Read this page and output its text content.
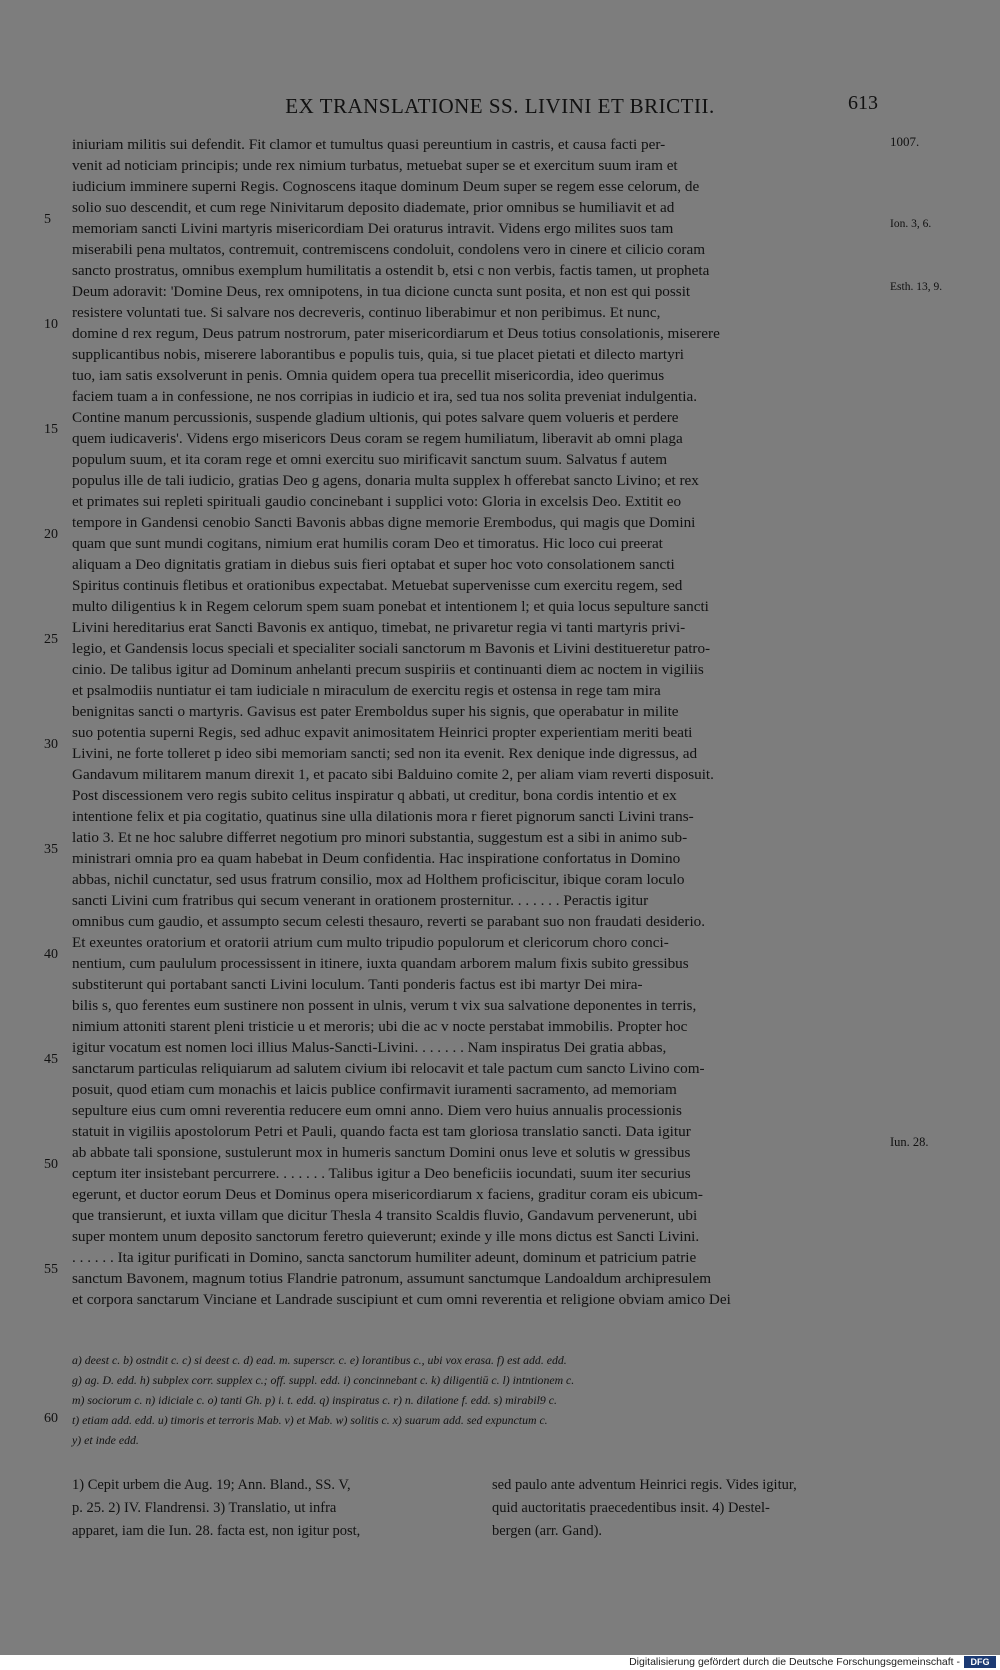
EX TRANSLATIONE SS. LIVINI ET BRICTII.	613
iniuriam militis sui defendit. Fit clamor et tumultus quasi pereuntium in castris, et causa facti per-
venit ad noticiam principis; unde rex nimium turbatus, metuebat super se et exercitum suum iram et
iudicium imminere superni Regis. Cognoscens itaque dominum Deum super se regem esse celorum, de
solio suo descendit, et cum rege Ninivitarum deposito diademate, prior omnibus se humiliavit et ad
memoriam sancti Livini martyris misericordiam Dei oraturus intravit. Videns ergo milites suos tam
miserabili pena multatos, contremuit, contremiscens condoluit, condolens vero in cinere et cilicio coram
sancto prostratus, omnibus exemplum humilitatis a ostendit b, etsi c non verbis, factis tamen, ut propheta
Deum adoravit: 'Domine Deus, rex omnipotens, in tua dicione cuncta sunt posita, et non est qui possit
resistere voluntati tue. Si salvare nos decreveris, continuo liberabimur et non peribimus. Et nunc,
domine d rex regum, Deus patrum nostrorum, pater misericordiarum et Deus totius consolationis, miserere
supplicantibus nobis, miserere laborantibus e populis tuis, quia, si tue placet pietati et dilecto martyri
tuo, iam satis exsolverunt in penis. Omnia quidem opera tua precellit misericordia, ideo querimus
faciem tuam a in confessione, ne nos corripias in iudicio et ira, sed tua nos solita preveniat indulgentia.
Contine manum percussionis, suspende gladium ultionis, qui potes salvare quem volueris et perdere
quem iudicaveris'. Videns ergo misericors Deus coram se regem humiliatum, liberavit ab omni plaga
populum suum, et ita coram rege et omni exercitu suo mirificavit sanctum suum. Salvatus f autem
populus ille de tali iudicio, gratias Deo g agens, donaria multa supplex h offerebat sancto Livino; et rex
et primates sui repleti spirituali gaudio concinebant i supplici voto: Gloria in excelsis Deo. Extitit eo
tempore in Gandensi cenobio Sancti Bavonis abbas digne memorie Erembodus, qui magis que Domini
quam que sunt mundi cogitans, nimium erat humilis coram Deo et timoratus. Hic loco cui preerat
aliquam a Deo dignitatis gratiam in diebus suis fieri optabat et super hoc voto consolationem sancti
Spiritus continuis fletibus et orationibus expectabat. Metuebat supervenisse cum exercitu regem, sed
multo diligentius k in Regem celorum spem suam ponebat et intentionem l; et quia locus sepulture sancti
Livini hereditarius erat Sancti Bavonis ex antiquo, timebat, ne privaretur regia vi tanti martyris privi-
legio, et Gandensis locus speciali et specialiter sociali sanctorum m Bavonis et Livini destitueretur patro-
cinio. De talibus igitur ad Dominum anhelanti precum suspiriis et continuanti diem ac noctem in vigiliis
et psalmodiis nuntiatur ei tam iudiciale n miraculum de exercitu regis et ostensa in rege tam mira
benignitas sancti o martyris. Gavisus est pater Eremboldus super his signis, que operabatur in milite
suo potentia superni Regis, sed adhuc expavit animositatem Heinrici propter experientiam meriti beati
Livini, ne forte tolleret p ideo sibi memoriam sancti; sed non ita evenit. Rex denique inde digressus, ad
Gandavum militarem manum direxit 1, et pacato sibi Balduino comite 2, per aliam viam reverti disposuit.
Post discessionem vero regis subito celitus inspiratur q abbati, ut creditur, bona cordis intentio et ex
intentione felix et pia cogitatio, quatinus sine ulla dilationis mora r fieret pignorum sancti Livini trans-
latio 3. Et ne hoc salubre differret negotium pro minori substantia, suggestum est a sibi in animo sub-
ministrari omnia pro ea quam habebat in Deum confidentia. Hac inspiratione confortatus in Domino
abbas, nichil cunctatur, sed usus fratrum consilio, mox ad Holthem proficiscitur, ibique coram loculo
sancti Livini cum fratribus qui secum venerant in orationem prosternitur. . . . . . . Peractis igitur
omnibus cum gaudio, et assumpto secum celesti thesauro, reverti se parabant suo non fraudati desiderio.
Et exeuntes oratorium et oratorii atrium cum multo tripudio populorum et clericorum choro conci-
nentium, cum paululum processissent in itinere, iuxta quandam arborem malum fixis subito gressibus
substiterunt qui portabant sancti Livini loculum. Tanti ponderis factus est ibi martyr Dei mira-
bilis s, quo ferentes eum sustinere non possent in ulnis, verum t vix sua salvatione deponentes in terris,
nimium attoniti starent pleni tristicie u et meroris; ubi die ac v nocte perstabat immobilis. Propter hoc
igitur vocatum est nomen loci illius Malus-Sancti-Livini. . . . . . . Nam inspiratus Dei gratia abbas,
sanctarum particulas reliquiarum ad salutem civium ibi relocavit et tale pactum cum sancto Livino com-
posuit, quod etiam cum monachis et laicis publice confirmavit iuramenti sacramento, ad memoriam
sepulture eius cum omni reverentia reducere eum omni anno. Diem vero huius annualis processionis
statuit in vigiliis apostolorum Petri et Pauli, quando facta est tam gloriosa translatio sancti. Data igitur
ab abbate tali sponsione, sustulerunt mox in humeris sanctum Domini onus leve et solutis w gressibus
ceptum iter insistebant percurrere. . . . . . . Talibus igitur a Deo beneficiis iocundati, suum iter securius
egerunt, et ductor eorum Deus et Dominus opera misericordiarum x faciens, graditur coram eis ubicum-
que transierunt, et iuxta villam que dicitur Thesla 4 transito Scaldis fluvio, Gandavum pervenerunt, ubi
super montem unum deposito sanctorum feretro quieverunt; exinde y ille mons dictus est Sancti Livini.
. . . . . . Ita igitur purificati in Domino, sancta sanctorum humiliter adeunt, dominum et patricium patrie
sanctum Bavonem, magnum totius Flandrie patronum, assumunt sanctumque Landoaldum archipresulem
et corpora sanctarum Vinciane et Landrade suscipiunt et cum omni reverentia et religione obviam amico Dei
5
10
15
20
25
30
35
40
45
50
55
60
1007.
Ion. 3, 6.
Esth. 13, 9.
Iun. 28.
a) deest c. b) ostndit c. c) si deest c. d) ead. m. superscr. c. e) lorantibus c., ubi vox erasa. f) est add. edd.
g) ag. D. edd. h) subplex corr. supplex c.; off. suppl. edd. i) concinnebant c. k) diligentiū c. l) intntionem c.
m) sociorum c. n) idiciale c. o) tanti Gh. p) i. t. edd. q) inspiratus c. r) n. dilatione f. edd. s) mirabil9 c.
t) etiam add. edd. u) timoris et terroris Mab. v) et Mab. w) solitis c. x) suarum add. sed expunctum c.
y) et inde edd.
1) Cepit urbem die Aug. 19; Ann. Bland., SS. V,
p. 25. 2) IV. Flandrensi. 3) Translatio, ut infra
apparet, iam die Iun. 28. facta est, non igitur post,
sed paulo ante adventum Heinrici regis. Vides igitur,
quid auctoritatis praecedentibus insit. 4) Destel-
bergen (arr. Gand).
Digitalisierung gefördert durch die Deutsche Forschungsgemeinschaft -	DFG
